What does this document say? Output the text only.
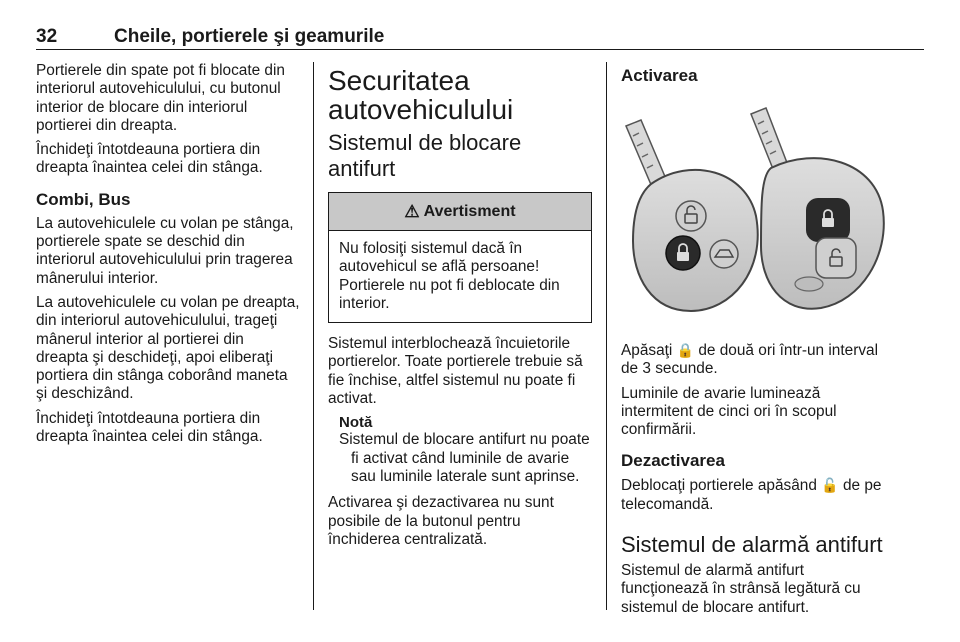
32	Cheile, portierele şi geamurile

Portierele din spate pot fi blocate din interiorul autovehiculului, cu butonul interior de blocare din interiorul portierei din dreapta.

Închideţi întotdeauna portiera din dreapta înaintea celei din stânga.

Combi, Bus

La autovehiculele cu volan pe stânga, portierele spate se deschid din interiorul autovehiculului prin tragerea mânerului interior.

La autovehiculele cu volan pe dreapta, din interiorul autovehiculului, trageţi mânerul interior al portierei din dreapta şi deschideţi, apoi eliberaţi portiera din stânga coborând maneta şi deschizând.

Închideţi întotdeauna portiera din dreapta înaintea celei din stânga.

Securitatea
autovehiculului
Sistemul de blocare antifurt
⚠ Avertisment
Nu folosiţi sistemul dacă în autovehicul se află persoane! Portierele nu pot fi deblocate din interior.

Sistemul interblochează încuietorile portierelor. Toate portierele trebuie să fie închise, altfel sistemul nu poate fi activat.

Notă
Sistemul de blocare antifurt nu poate
fi activat când luminile de avarie sau luminile laterale sunt aprinse.

Activarea şi dezactivarea nu sunt posibile de la butonul pentru închiderea centralizată.

Activarea

Apăsaţi 🔒 de două ori într-un interval de 3 secunde.

Luminile de avarie luminează intermitent de cinci ori în scopul confirmării.

Dezactivarea

Deblocaţi portierele apăsând 🔓 de pe telecomandă.

Sistemul de alarmă antifurt

Sistemul de alarmă antifurt funcţionează în strânsă legătură cu sistemul de blocare antifurt.
